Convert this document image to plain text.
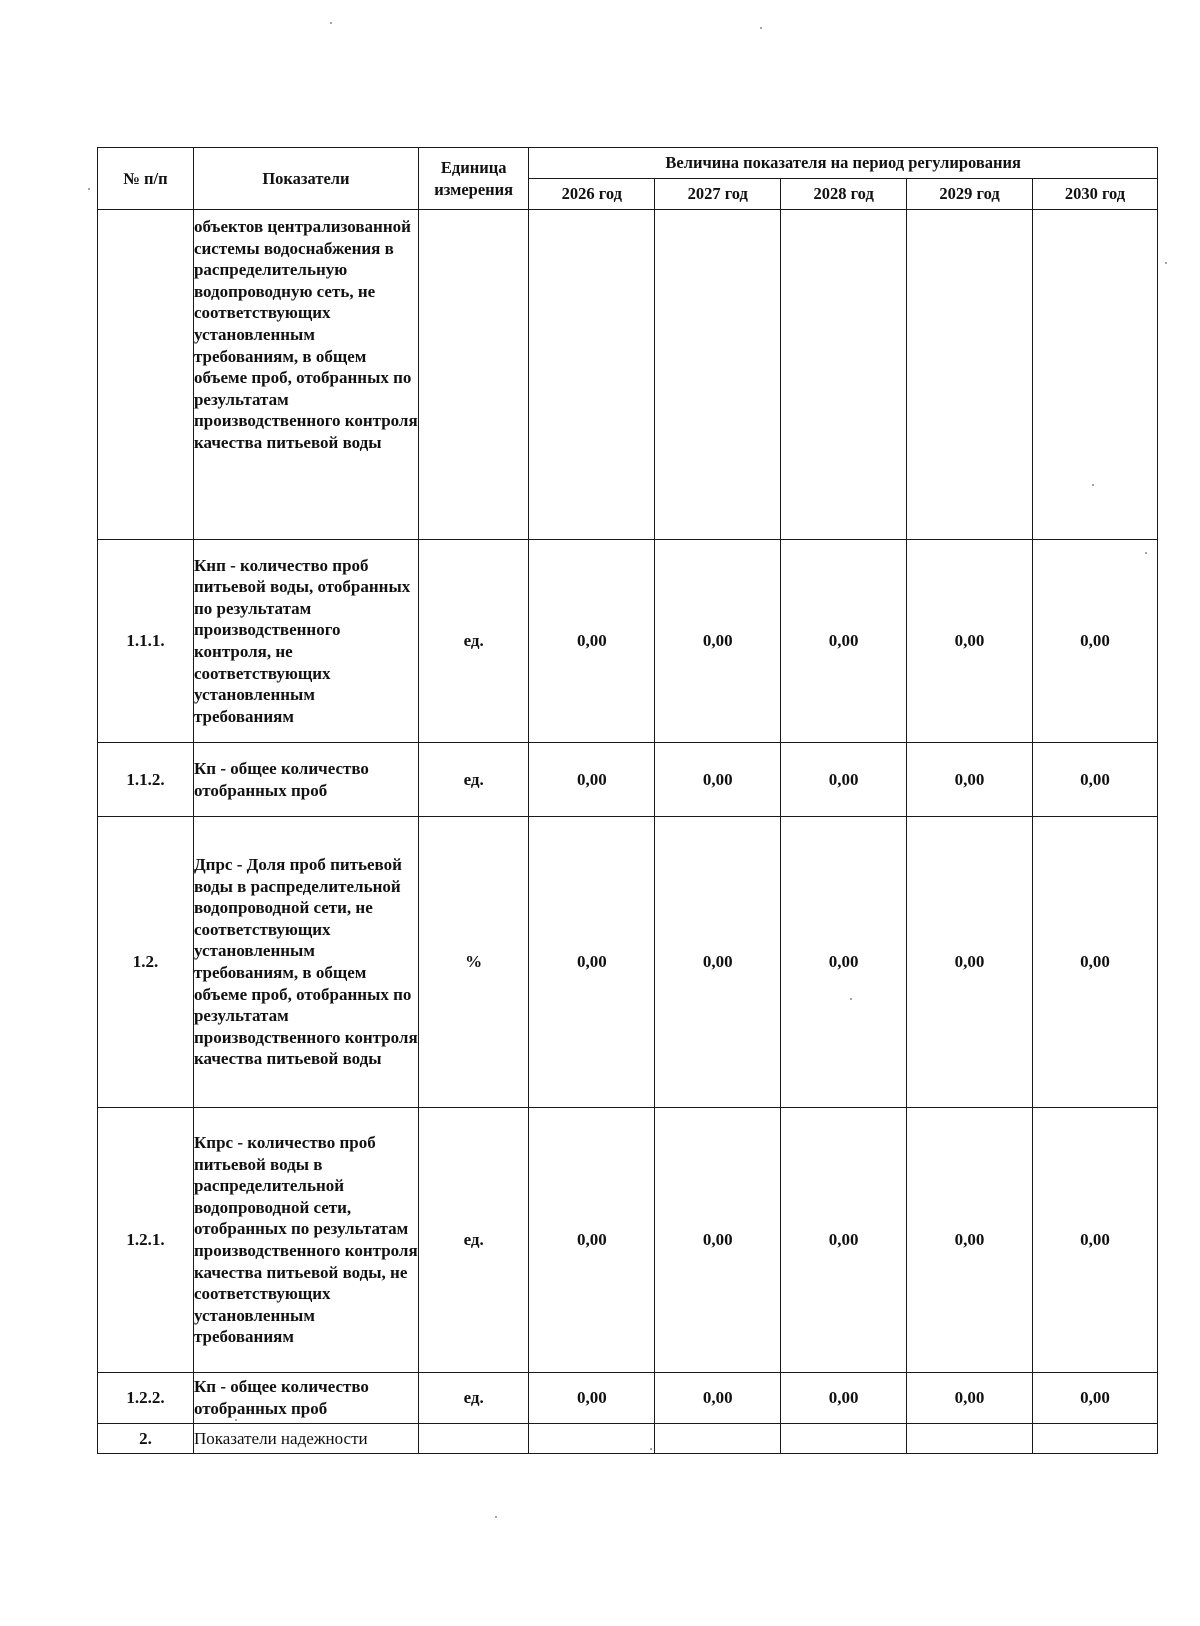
№ п/п	Показатели	Единица измерения	Величина показателя на период регулирования				
			2026 год	2027 год	2028 год	2029 год	2030 год
	объектов централизованной системы водоснабжения в распределительную водопроводную сеть, не соответствующих установленным требованиям, в общем объеме проб, отобранных по результатам производственного контроля качества питьевой воды						
1.1.1.	Кнп - количество проб питьевой воды, отобранных по результатам производственного контроля, не соответствующих установленным требованиям	ед.	0,00	0,00	0,00	0,00	0,00
1.1.2.	Кп - общее количество отобранных проб	ед.	0,00	0,00	0,00	0,00	0,00
1.2.	Дпрс - Доля проб питьевой воды в распределительной водопроводной сети, не соответствующих установленным требованиям, в общем объеме проб, отобранных по результатам производственного контроля качества питьевой воды	%	0,00	0,00	0,00	0,00	0,00
1.2.1.	Кпрс - количество проб питьевой воды в распределительной водопроводной сети, отобранных по результатам производственного контроля качества питьевой воды, не соответствующих установленным требованиям	ед.	0,00	0,00	0,00	0,00	0,00
1.2.2.	Кп - общее количество отобранных проб	ед.	0,00	0,00	0,00	0,00	0,00
2.	Показатели надежности						
